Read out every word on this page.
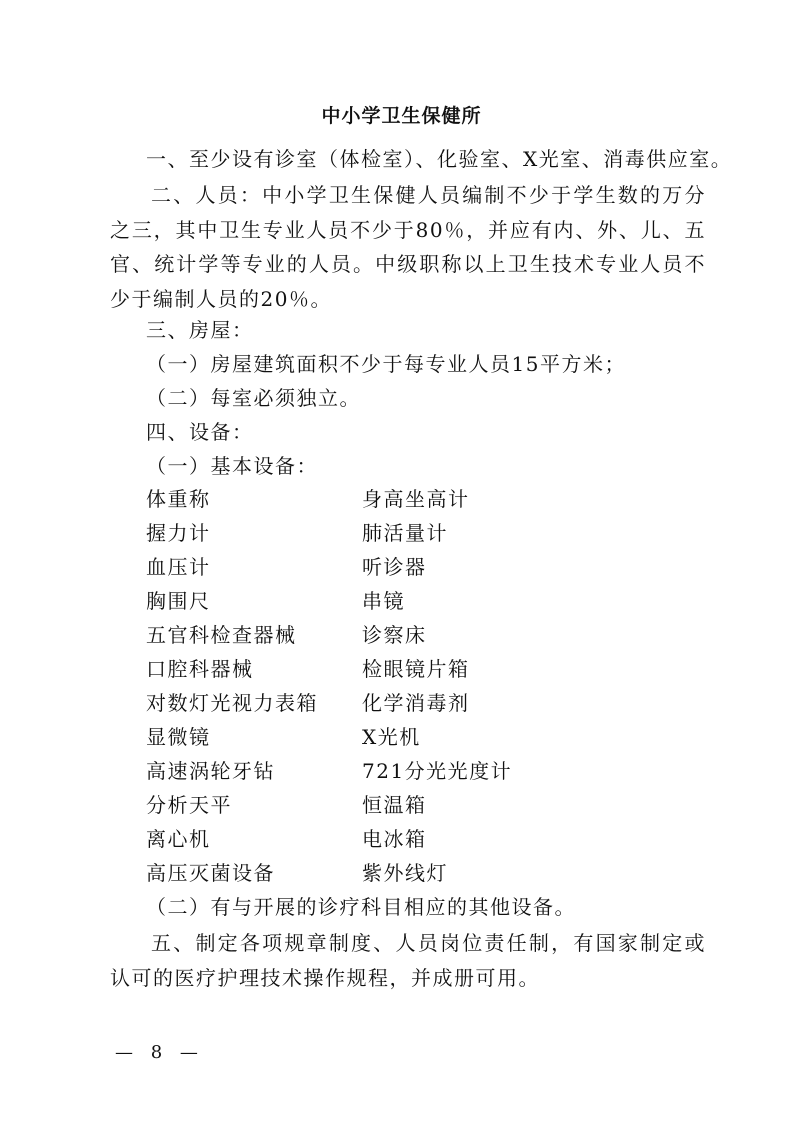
中小学卫生保健所
一、至少设有诊室（体检室）、化验室、X光室、消毒供应室。
二、人员：中小学卫生保健人员编制不少于学生数的万分之三，其中卫生专业人员不少于80％，并应有内、外、儿、五官、统计学等专业的人员。中级职称以上卫生技术专业人员不少于编制人员的20％。
三、房屋：
（一）房屋建筑面积不少于每专业人员15平方米；
（二）每室必须独立。
四、设备：
（一）基本设备：
体重称	身高坐高计
握力计	肺活量计
血压计	听诊器
胸围尺	串镜
五官科检查器械	诊察床
口腔科器械	检眼镜片箱
对数灯光视力表箱 化学消毒剂
显微镜	X光机
高速涡轮牙钻	721分光光度计
分析天平	恒温箱
离心机	电冰箱
高压灭菌设备	紫外线灯
（二）有与开展的诊疗科目相应的其他设备。
五、制定各项规章制度、人员岗位责任制，有国家制定或认可的医疗护理技术操作规程，并成册可用。
— 8 —
